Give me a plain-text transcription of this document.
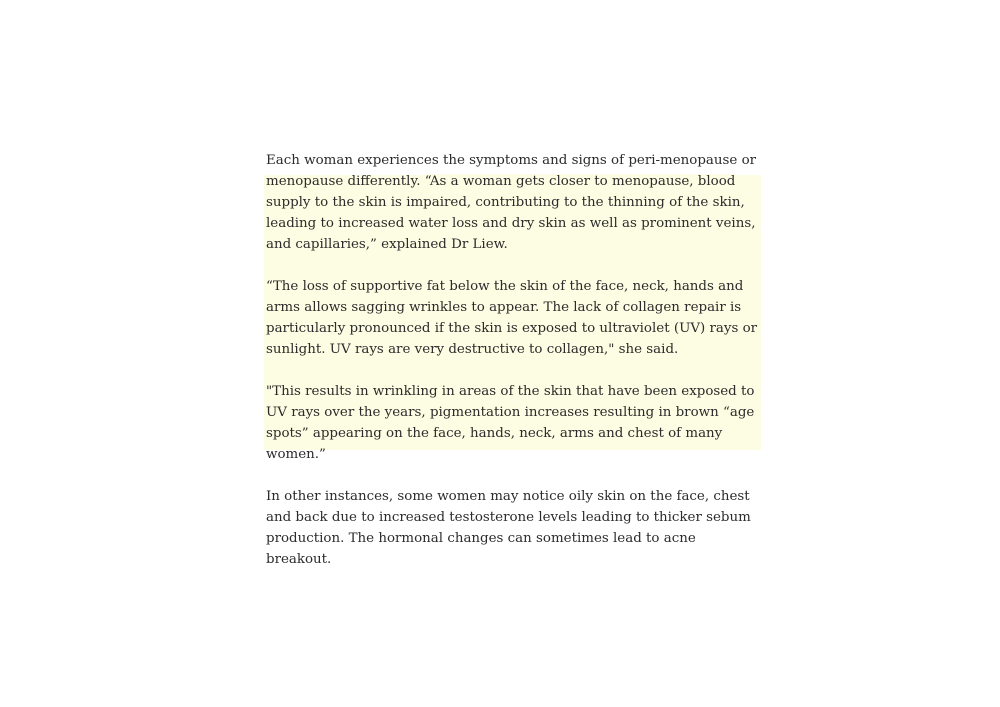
Each woman experiences the symptoms and signs of peri-menopause or menopause differently. “As a woman gets closer to menopause, blood supply to the skin is impaired, contributing to the thinning of the skin, leading to increased water loss and dry skin as well as prominent veins, and capillaries,” explained Dr Liew.

“The loss of supportive fat below the skin of the face, neck, hands and arms allows sagging wrinkles to appear. The lack of collagen repair is particularly pronounced if the skin is exposed to ultraviolet (UV) rays or sunlight. UV rays are very destructive to collagen," she said.

"This results in wrinkling in areas of the skin that have been exposed to UV rays over the years, pigmentation increases resulting in brown “age spots” appearing on the face, hands, neck, arms and chest of many women.”

In other instances, some women may notice oily skin on the face, chest and back due to increased testosterone levels leading to thicker sebum production. The hormonal changes can sometimes lead to acne breakout.
